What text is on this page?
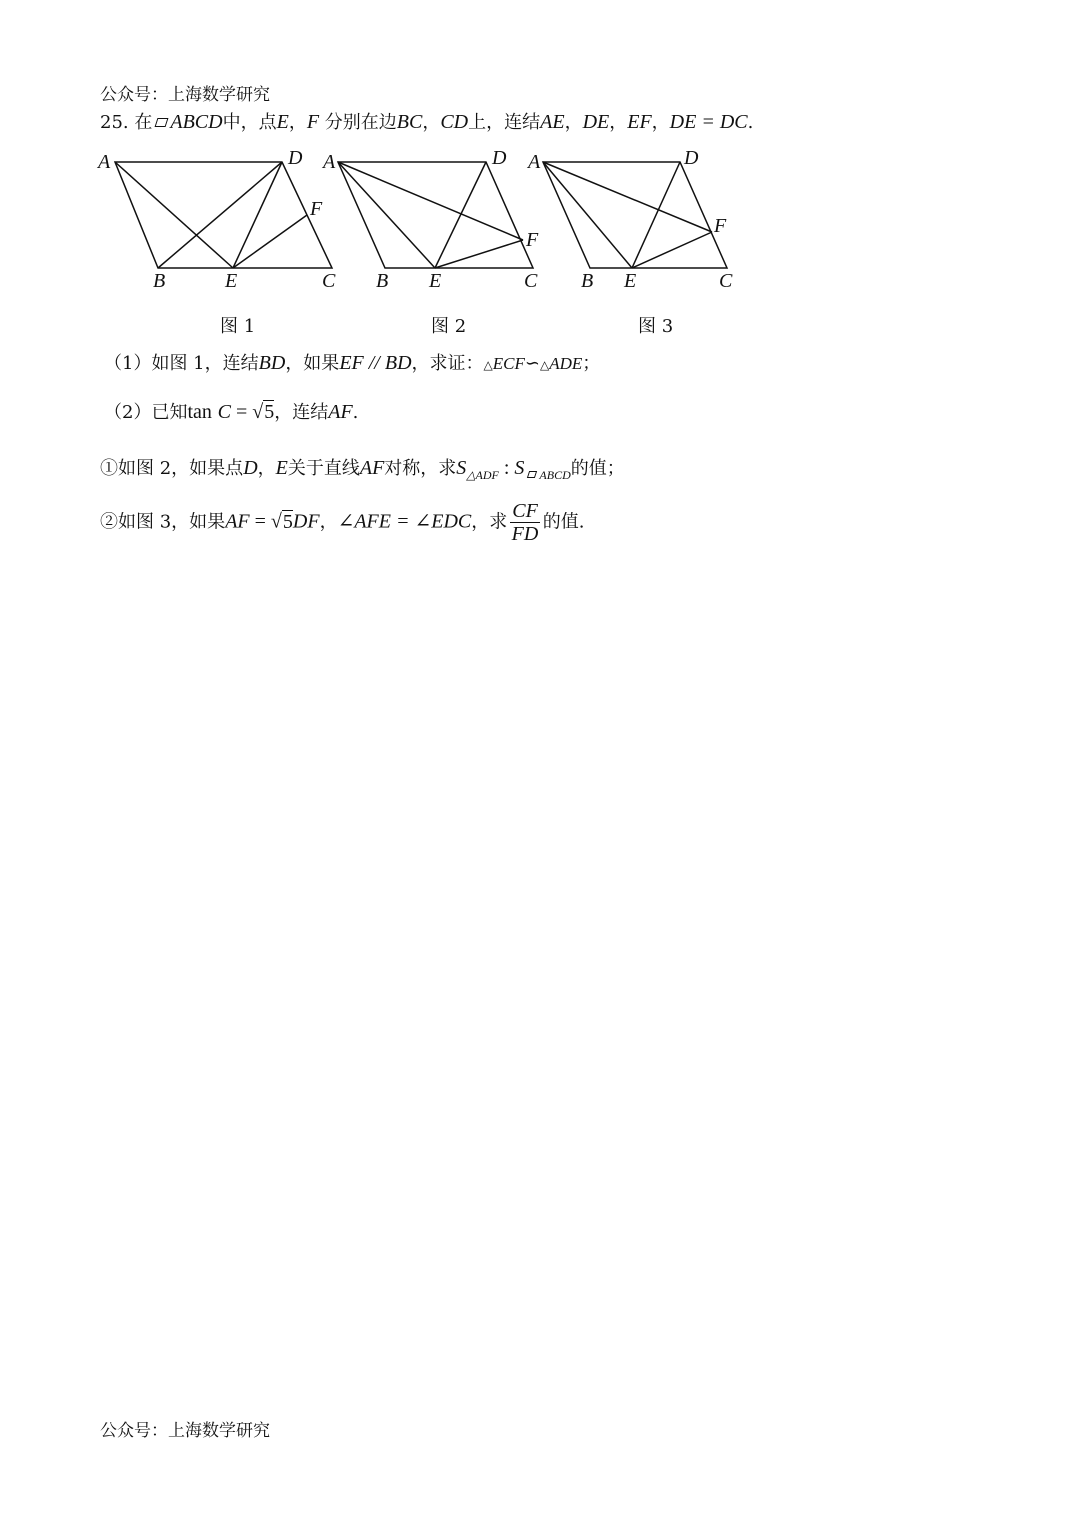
公众号：上海数学研究
25. 在 ABCD中，点E，F 分别在边BC，CD上，连结AE，DE，EF，DE = DC.
A	D
F
B	E	C
A	D
F
B E	C
A	D
F
B E	C
图 1	图 2	图 3
（1）如图 1，连结BD，如果EF // BD，求证：△ECF∽△ADE；
（2）已知tan C = √5，连结AF.
①如图 2，如果点D，E关于直线AF对称，求$S_{\triangle ADF}$ : S $_{ABCD}$的值；
②如图 3，如果AF = √5DF，∠AFE = ∠EDC，求 $\frac{CF}{FD}$ 的值.
公众号：上海数学研究
